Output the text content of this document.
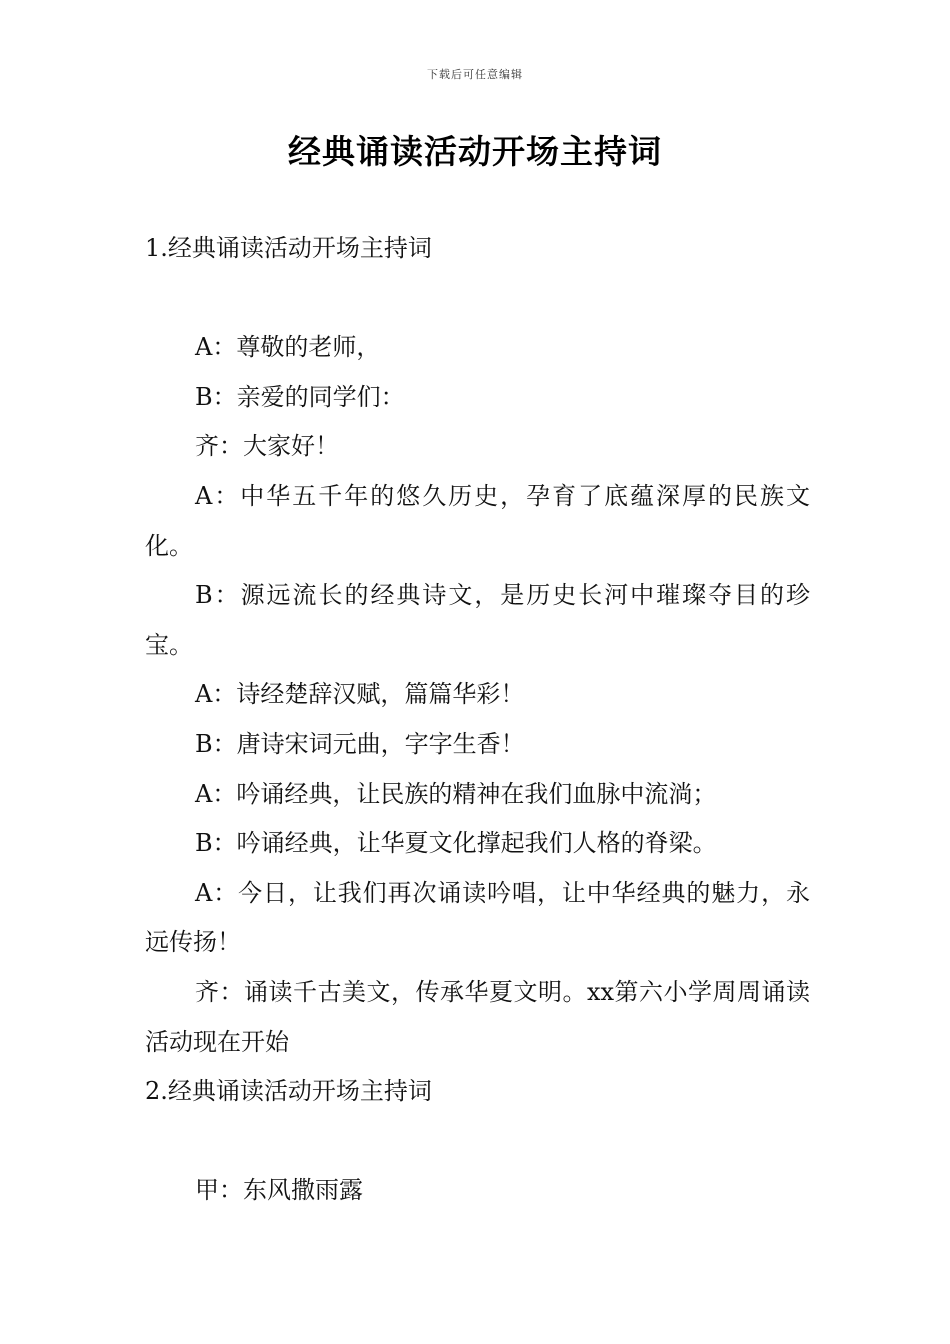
下载后可任意编辑
经典诵读活动开场主持词
1.经典诵读活动开场主持词

A：尊敬的老师，

B：亲爱的同学们：

齐：大家好！

A：中华五千年的悠久历史，孕育了底蕴深厚的民族文化。

B：源远流长的经典诗文，是历史长河中璀璨夺目的珍宝。

A：诗经楚辞汉赋，篇篇华彩！

B：唐诗宋词元曲，字字生香！

A：吟诵经典，让民族的精神在我们血脉中流淌；

B：吟诵经典，让华夏文化撑起我们人格的脊梁。

A：今日，让我们再次诵读吟唱，让中华经典的魅力，永远传扬！

齐：诵读千古美文，传承华夏文明。xx第六小学周周诵读活动现在开始

2.经典诵读活动开场主持词

甲：东风撒雨露
